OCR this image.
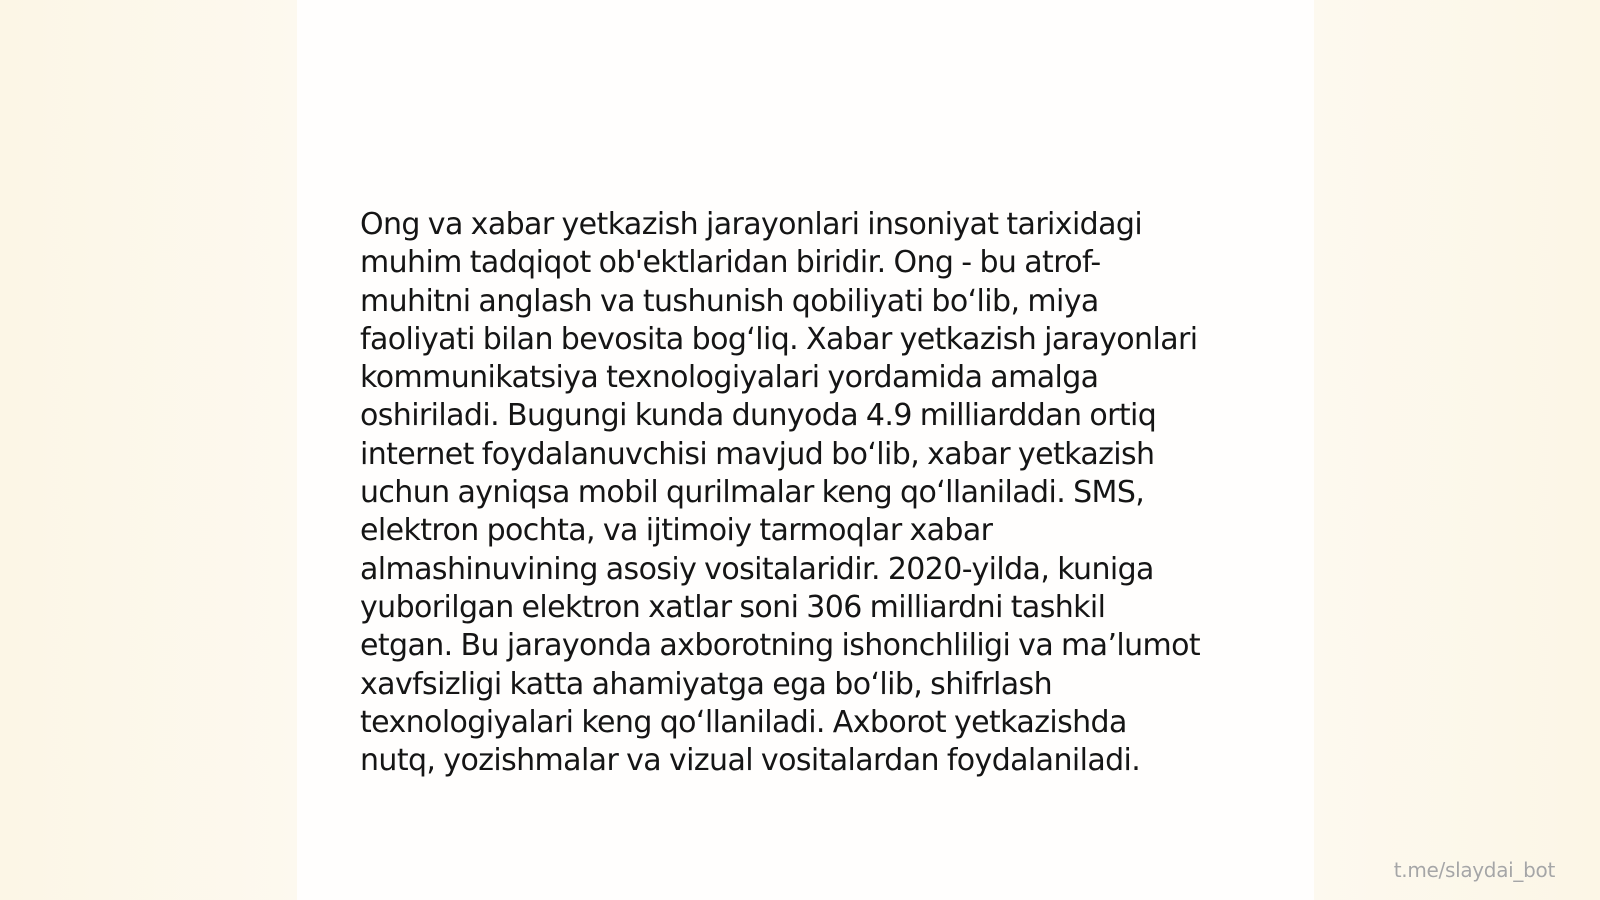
Ong va xabar yetkazish jarayonlari insoniyat tarixidagi
muhim tadqiqot ob'ektlaridan biridir. Ong - bu atrof-
muhitni anglash va tushunish qobiliyati bo‘lib, miya
faoliyati bilan bevosita bog‘liq. Xabar yetkazish jarayonlari
kommunikatsiya texnologiyalari yordamida amalga
oshiriladi. Bugungi kunda dunyoda 4.9 milliarddan ortiq
internet foydalanuvchisi mavjud bo‘lib, xabar yetkazish
uchun ayniqsa mobil qurilmalar keng qo‘llaniladi. SMS,
elektron pochta, va ijtimoiy tarmoqlar xabar
almashinuvining asosiy vositalaridir. 2020-yilda, kuniga
yuborilgan elektron xatlar soni 306 milliardni tashkil
etgan. Bu jarayonda axborotning ishonchliligi va ma’lumot
xavfsizligi katta ahamiyatga ega bo‘lib, shifrlash
texnologiyalari keng qo‘llaniladi. Axborot yetkazishda
nutq, yozishmalar va vizual vositalardan foydalaniladi.

t.me/slaydai_bot
